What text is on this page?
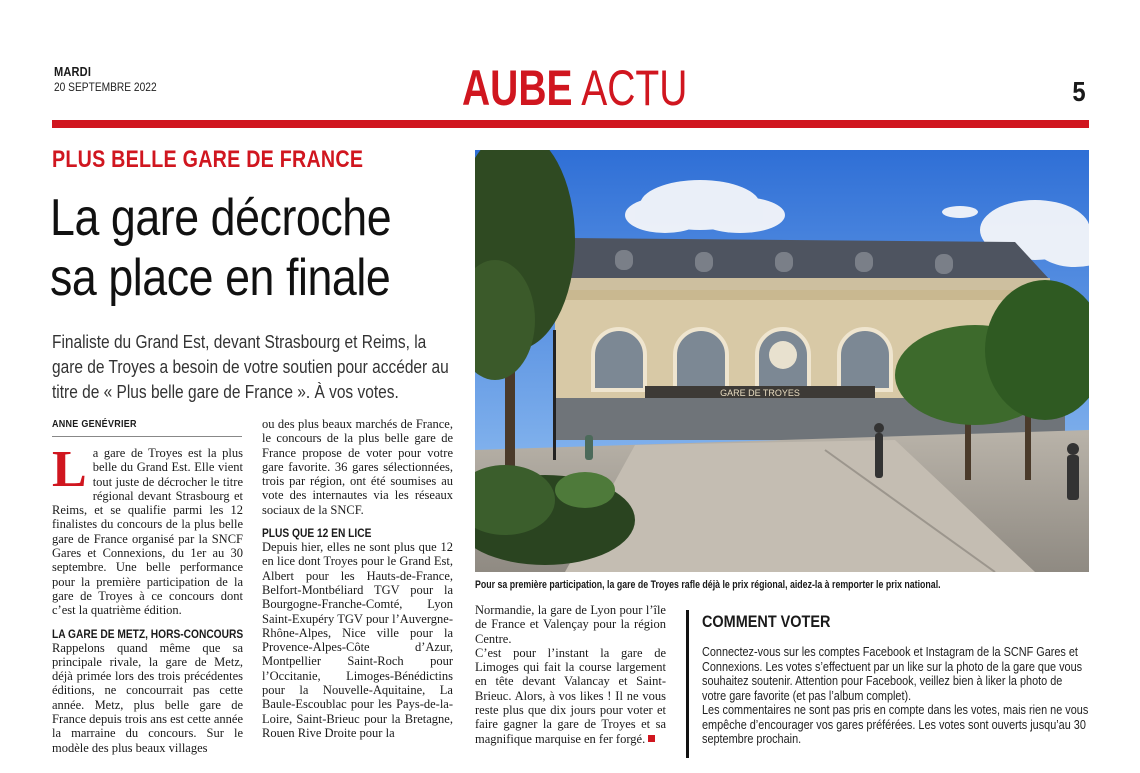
MARDI
20 SEPTEMBRE 2022	AUBE ACTU	5
PLUS BELLE GARE DE FRANCE
La gare décroche
sa place en finale
Finaliste du Grand Est, devant Strasbourg et Reims, la gare de Troyes a besoin de votre soutien pour accéder au titre de « Plus belle gare de France ». À vos votes.
ANNE GENÉVRIER
L a gare de Troyes est la plus belle du Grand Est. Elle vient tout juste de décrocher le titre régional devant Strasbourg et Reims, et se qualifie parmi les 12 finalistes du concours de la plus belle gare de France organisé par la SNCF Gares et Connexions, du 1er au 30 septembre. Une belle performance pour la première participation de la gare de Troyes à ce concours dont c’est la quatrième édition.

LA GARE DE METZ, HORS-CONCOURS

Rappelons quand même que sa principale rivale, la gare de Metz, déjà primée lors des trois précédentes éditions, ne concourrait pas cette année. Metz, plus belle gare de France depuis trois ans est cette année la marraine du concours. Sur le modèle des plus beaux villages

ou des plus beaux marchés de France, le concours de la plus belle gare de France propose de voter pour votre gare favorite. 36 gares sélectionnées, trois par région, ont été soumises au vote des internautes via les réseaux sociaux de la SNCF.

PLUS QUE 12 EN LICE

Depuis hier, elles ne sont plus que 12 en lice dont Troyes pour le Grand Est, Albert pour les Hauts-de-France, Belfort-Montbéliard TGV pour la Bourgogne-Franche-Comté, Lyon Saint-Exupéry TGV pour l’Auvergne-Rhône-Alpes, Nice ville pour la Provence-Alpes-Côte d’Azur, Montpellier Saint-Roch pour l’Occitanie, Limoges-Bénédictins pour la Nouvelle-Aquitaine, La Baule-Escoublac pour les Pays-de-la-Loire, Saint-Brieuc pour la Bretagne, Rouen Rive Droite pour la

Normandie, la gare de Lyon pour l’île de France et Valençay pour la région Centre.

C’est pour l’instant la gare de Limoges qui fait la course largement en tête devant Valancay et Saint-Brieuc. Alors, à vos likes ! Il ne vous reste plus que dix jours pour voter et faire gagner la gare de Troyes et sa magnifique marquise en fer forgé.

GARE DE TROYES
Pour sa première participation, la gare de Troyes rafle déjà le prix régional, aidez-la à remporter le prix national.
COMMENT VOTER

Connectez-vous sur les comptes Facebook et Instagram de la SCNF Gares et Connexions. Les votes s’effectuent par un like sur la photo de la gare que vous souhaitez soutenir. Attention pour Facebook, veillez bien à liker la photo de votre gare favorite (et pas l’album complet).

Les commentaires ne sont pas pris en compte dans les votes, mais rien ne vous empêche d’encourager vos gares préférées. Les votes sont ouverts jusqu’au 30 septembre prochain.
